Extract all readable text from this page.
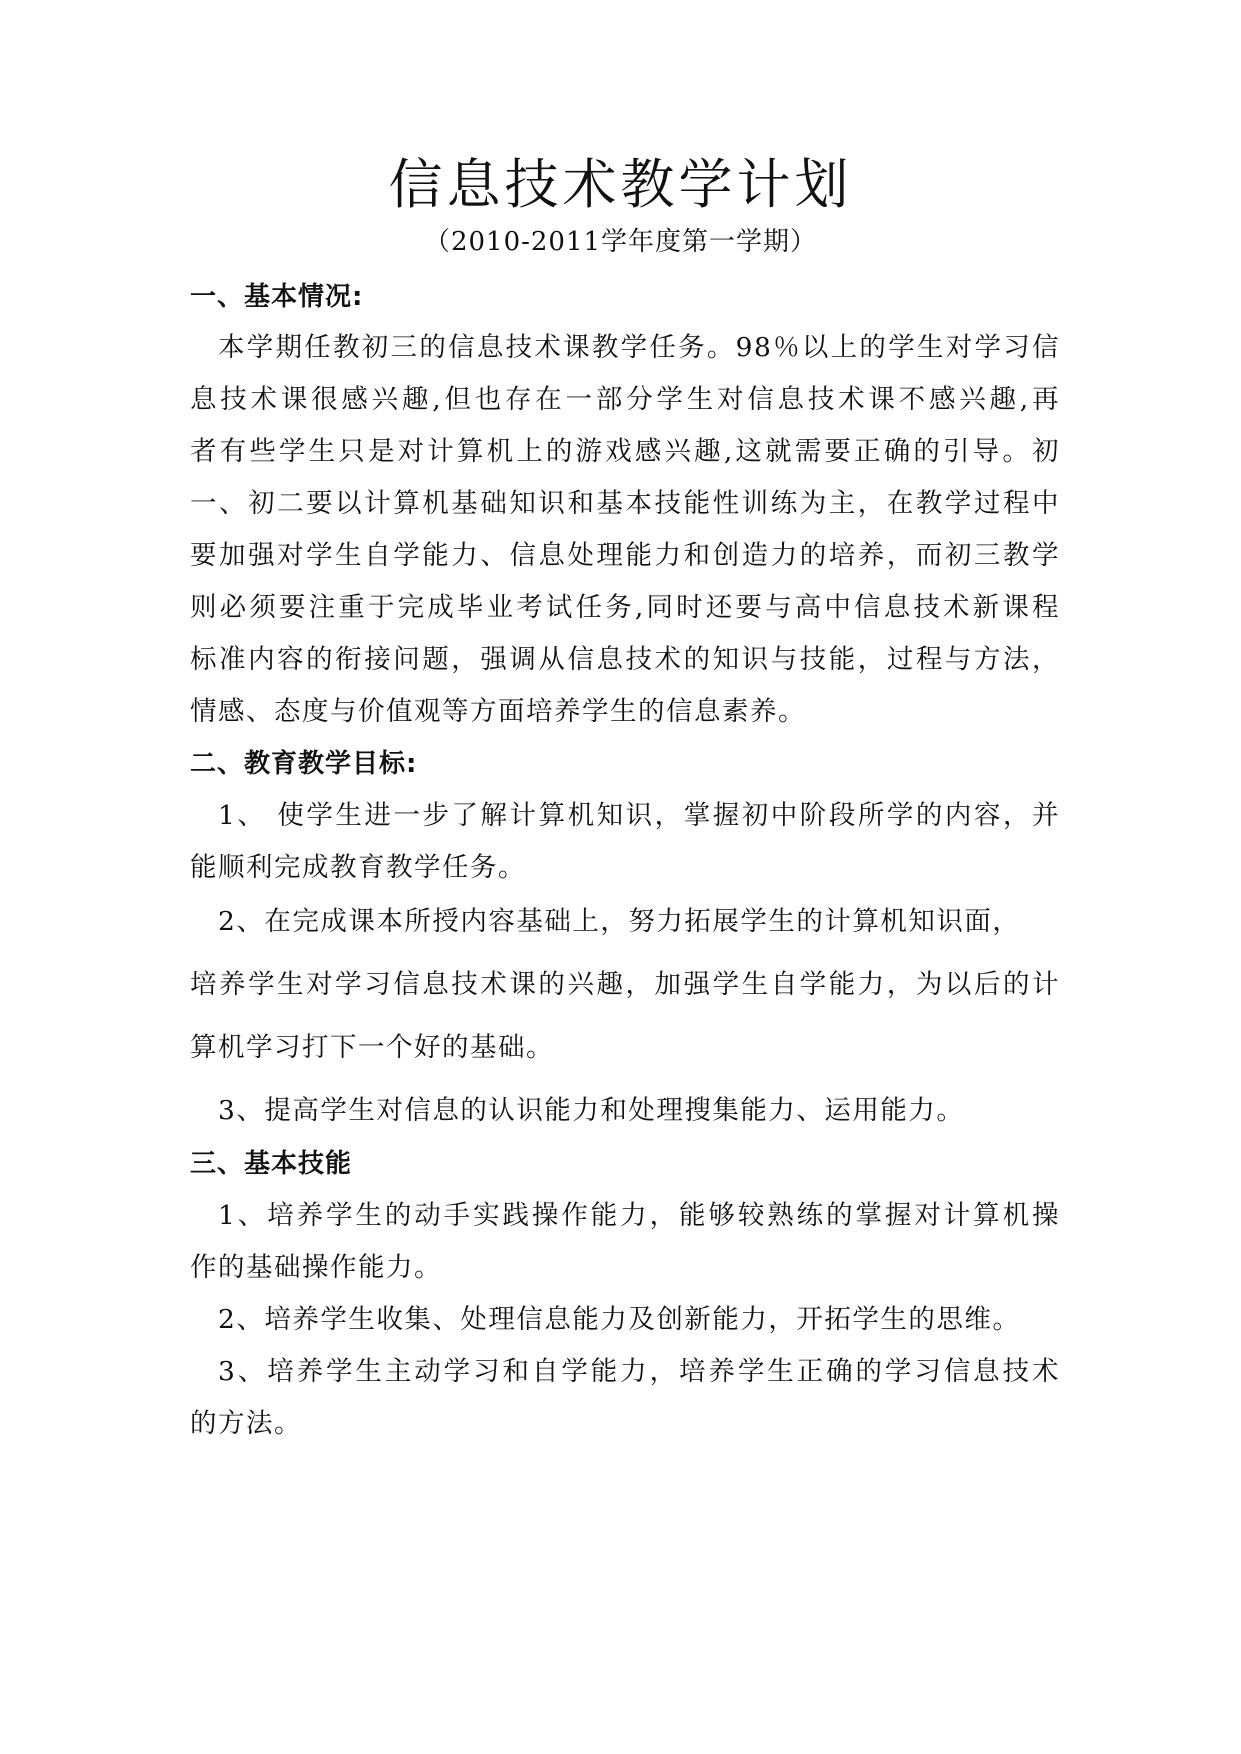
信息技术教学计划
（2010-2011学年度第一学期）
一、基本情况:
本学期任教初三的信息技术课教学任务。98％以上的学生对学习信
息技术课很感兴趣,但也存在一部分学生对信息技术课不感兴趣,再
者有些学生只是对计算机上的游戏感兴趣,这就需要正确的引导。初
一、初二要以计算机基础知识和基本技能性训练为主，在教学过程中
要加强对学生自学能力、信息处理能力和创造力的培养，而初三教学
则必须要注重于完成毕业考试任务,同时还要与高中信息技术新课程
标准内容的衔接问题，强调从信息技术的知识与技能，过程与方法，
情感、态度与价值观等方面培养学生的信息素养。
二、教育教学目标:
1、 使学生进一步了解计算机知识，掌握初中阶段所学的内容，并
能顺利完成教育教学任务。
2、在完成课本所授内容基础上，努力拓展学生的计算机知识面，
培养学生对学习信息技术课的兴趣，加强学生自学能力，为以后的计
算机学习打下一个好的基础。
3、提高学生对信息的认识能力和处理搜集能力、运用能力。
三、基本技能
1、培养学生的动手实践操作能力，能够较熟练的掌握对计算机操
作的基础操作能力。
2、培养学生收集、处理信息能力及创新能力，开拓学生的思维。
3、培养学生主动学习和自学能力，培养学生正确的学习信息技术
的方法。
